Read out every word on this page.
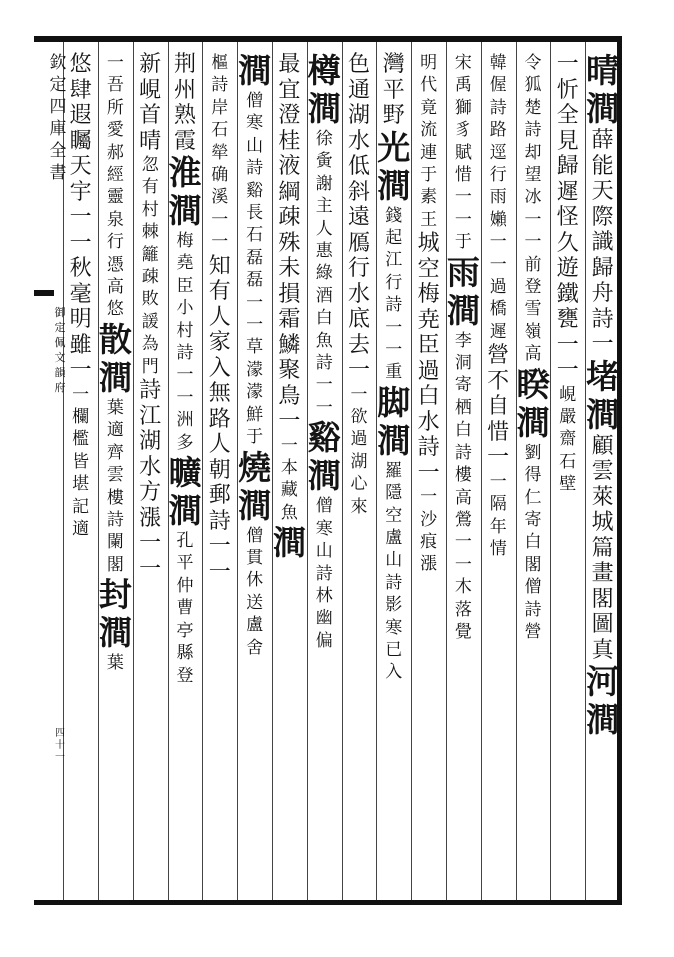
欽
定
四
庫
全
書
御
定
佩
文
韻
府
四
十
一
晴
澗
薛
能
天
際
識
歸
舟
詩
一
堵
澗
顧
雲
萊
城
篇
畫
閣
圖
真
河
澗
一
忻
全
見
歸
遲
怪
久
遊
鐵
甕
一
一
峴
嚴
齋
石
壁
令
狐
楚
詩
却
望
冰
一
一
前
登
雪
嶺
高
睽
澗
劉
得
仁
寄
白
閣
僧
詩
營
韓
偓
詩
路
逕
行
雨
嬾
一
一
過
橋
遲
營
不
自
惜
一
一
隔
年
情
宋
禹
獅
豸
賦
惜
一
一
于
雨
澗
李
洞
寄
栖
白
詩
樓
高
鶯
一
一
木
落
覺
明
代
竟
流
連
于
素
王
城
空
梅
尭
臣
過
白
水
詩
一
一
沙
痕
漲
灣
平
野
光
澗
錢
起
江
行
詩
一
一
重
脚
澗
羅
隱
空
盧
山
詩
影
寒
已
入
色
通
湖
水
低
斜
遠
鴈
行
水
底
去
一
一
欲
過
湖
心
來
樽
澗
徐
夤
謝
主
人
惠
綠
酒
白
魚
詩
一
一
谿
澗
僧
寒
山
詩
林
幽
偏
最
宜
澄
桂
液
綱
疎
殊
未
損
霜
鱗
聚
鳥
一
一
本
藏
魚
澗
澗
僧
寒
山
詩
谿
長
石
磊
磊
一
一
草
濛
濛
鮮
于
燒
澗
僧
貫
休
送
盧
舍
樞
詩
岸
石
犖
确
溪
一
一
知
有
人
家
入
無
路
人
朝
郵
詩
一
一
荆
州
熟
霞
淮
澗
梅
堯
臣
小
村
詩
一
一
洲
多
曠
澗
孔
平
仲
曹
亭
縣
登
新
峴
首
晴
忽
有
村
棘
籬
疎
敗
諼
為
門
詩
江
湖
水
方
漲
一
一
一
吾
所
愛
郝
經
靈
泉
行
憑
高
悠
散
澗
葉
適
齊
雲
樓
詩
闌
閣
封
澗
葉
悠
肆
遐
矚
天
宇
一
一
秋
毫
明
雖
一
一
欄
檻
皆
堪
記
適
